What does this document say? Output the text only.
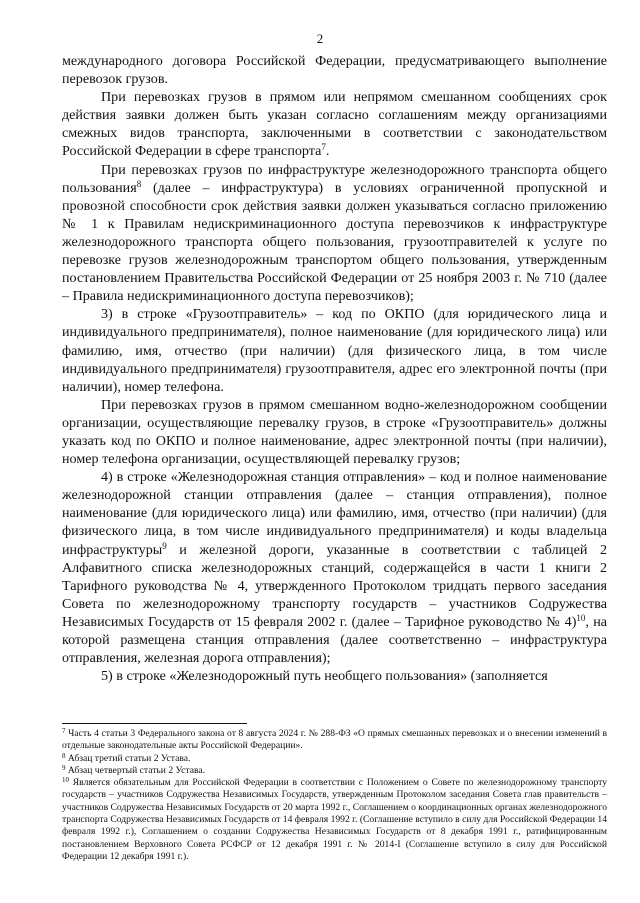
2

международного договора Российской Федерации, предусматривающего выполнение перевозок грузов.

При перевозках грузов в прямом или непрямом смешанном сообщениях срок действия заявки должен быть указан согласно соглашениям между организациями смежных видов транспорта, заключенными в соответствии с законодательством Российской Федерации в сфере транспорта$^7$.

При перевозках грузов по инфраструктуре железнодорожного транспорта общего пользования$^8$ (далее – инфраструктура) в условиях ограниченной пропускной и провозной способности срок действия заявки должен указываться согласно приложению № 1 к Правилам недискриминационного доступа перевозчиков к инфраструктуре железнодорожного транспорта общего пользования, грузоотправителей к услуге по перевозке грузов железнодорожным транспортом общего пользования, утвержденным постановлением Правительства Российской Федерации от 25 ноября 2003 г. № 710 (далее – Правила недискриминационного доступа перевозчиков);

3) в строке «Грузоотправитель» – код по ОКПО (для юридического лица и индивидуального предпринимателя), полное наименование (для юридического лица) или фамилию, имя, отчество (при наличии) (для физического лица, в том числе индивидуального предпринимателя) грузоотправителя, адрес его электронной почты (при наличии), номер телефона.

При перевозках грузов в прямом смешанном водно-железнодорожном сообщении организации, осуществляющие перевалку грузов, в строке «Грузоотправитель» должны указать код по ОКПО и полное наименование, адрес электронной почты (при наличии), номер телефона организации, осуществляющей перевалку грузов;

4) в строке «Железнодорожная станция отправления» – код и полное наименование железнодорожной станции отправления (далее – станция отправления), полное наименование (для юридического лица) или фамилию, имя, отчество (при наличии) (для физического лица, в том числе индивидуального предпринимателя) и коды владельца инфраструктуры$^9$ и железной дороги, указанные в соответствии с таблицей 2 Алфавитного списка железнодорожных станций, содержащейся в части 1 книги 2 Тарифного руководства № 4, утвержденного Протоколом тридцать первого заседания Совета по железнодорожному транспорту государств – участников Содружества Независимых Государств от 15 февраля 2002 г. (далее – Тарифное руководство № 4)$^{10}$, на которой размещена станция отправления (далее соответственно – инфраструктура отправления, железная дорога отправления);

5) в строке «Железнодорожный путь необщего пользования» (заполняется

$^7$ Часть 4 статьи 3 Федерального закона от 8 августа 2024 г. № 288-ФЗ «О прямых смешанных перевозках и о внесении изменений в отдельные законодательные акты Российской Федерации».

$^8$ Абзац третий статьи 2 Устава.

$^9$ Абзац четвертый статьи 2 Устава.

$^{10}$ Является обязательным для Российской Федерации в соответствии с Положением о Совете по железнодорожному транспорту государств – участников Содружества Независимых Государств, утвержденным Протоколом заседания Совета глав правительств – участников Содружества Независимых Государств от 20 марта 1992 г., Соглашением о координационных органах железнодорожного транспорта Содружества Независимых Государств от 14 февраля 1992 г. (Соглашение вступило в силу для Российской Федерации 14 февраля 1992 г.), Соглашением о создании Содружества Независимых Государств от 8 декабря 1991 г., ратифицированным постановлением Верховного Совета РСФСР от 12 декабря 1991 г. № 2014-I (Соглашение вступило в силу для Российской Федерации 12 декабря 1991 г.).
